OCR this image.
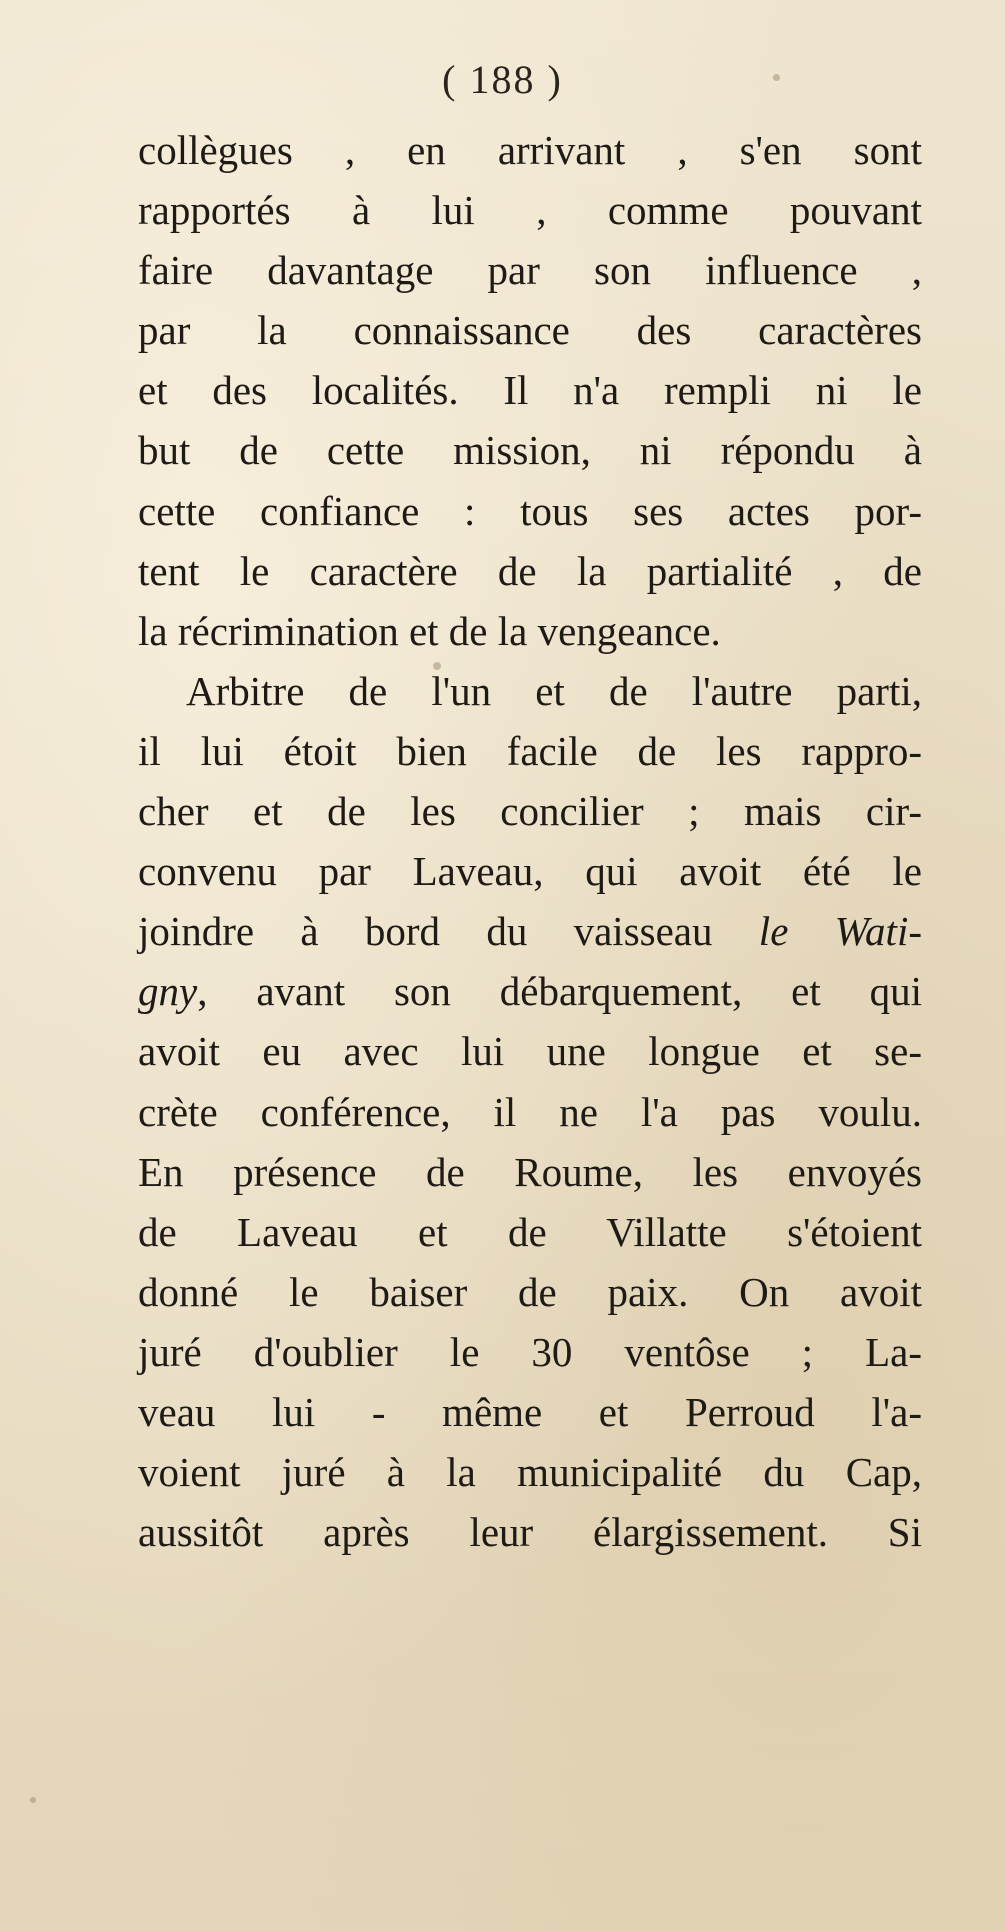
( 188 )

collègues , en arrivant , s'en sont

rapportés à lui , comme pouvant

faire davantage par son influence ,

par la connaissance des caractères

et des localités. Il n'a rempli ni le

but de cette mission, ni répondu à

cette confiance : tous ses actes por-

tent le caractère de la partialité , de

la récrimination et de la vengeance.

Arbitre de l'un et de l'autre parti,

il lui étoit bien facile de les rappro-

cher et de les concilier ; mais cir-

convenu par Laveau, qui avoit été le

joindre à bord du vaisseau le Wati-

gny, avant son débarquement, et qui

avoit eu avec lui une longue et se-

crète conférence, il ne l'a pas voulu.

En présence de Roume, les envoyés

de Laveau et de Villatte s'étoient

donné le baiser de paix. On avoit

juré d'oublier le 30 ventôse ; La-

veau lui - même et Perroud l'a-

voient juré à la municipalité du Cap,

aussitôt après leur élargissement. Si
